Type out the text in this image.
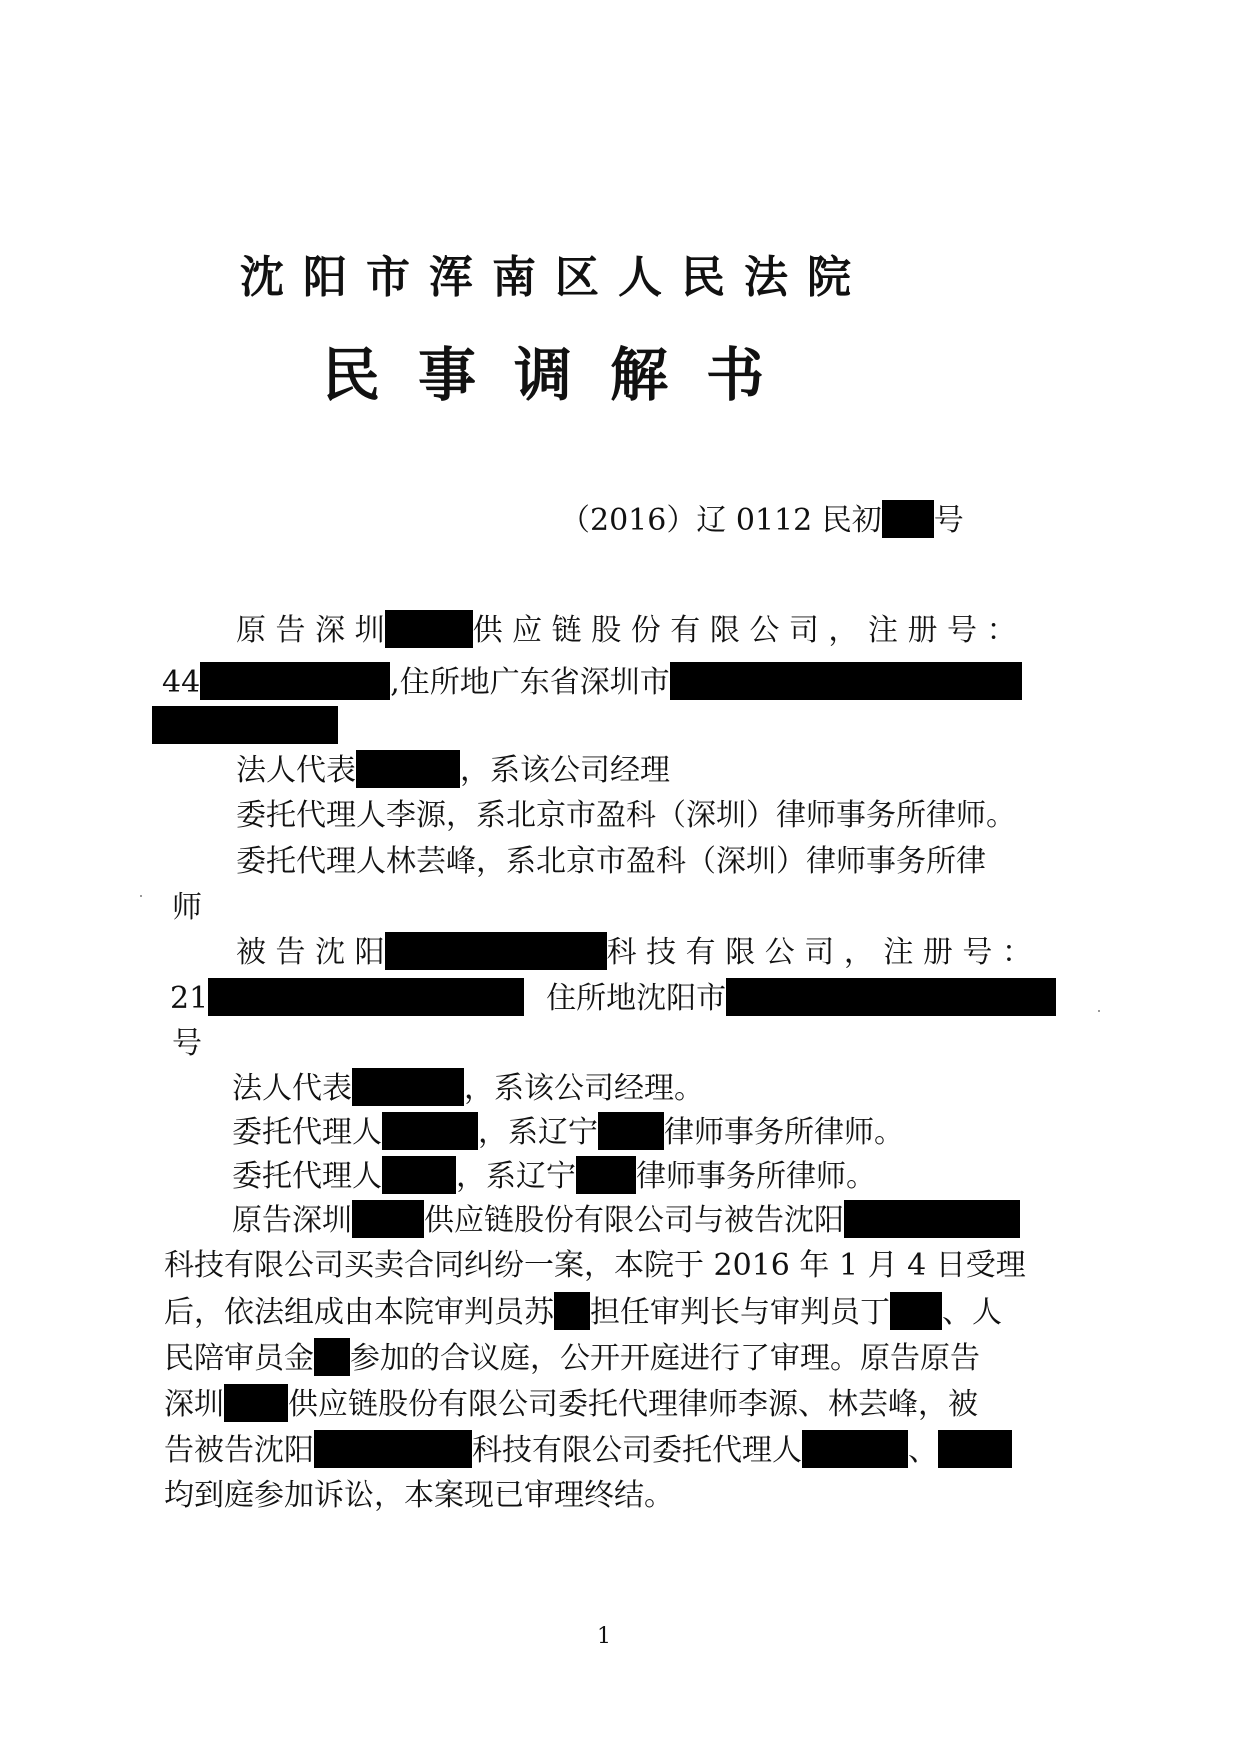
沈阳市浑南区人民法院
民事调解书
（2016）辽 0112 民初 号
原 告 深 圳	供 应 链 股 份 有 限 公 司 ， 注 册 号 ：
44	,住所地广东省深圳市
法人代表	，系该公司经理
委托代理人李源，系北京市盈科（深圳）律师事务所律师。
委托代理人林芸峰，系北京市盈科（深圳）律师事务所律
师
被 告 沈 阳	科 技 有 限 公 司 ， 注 册 号 ：
21	住所地沈阳市
号
法人代表	，系该公司经理。
委托代理人	，系辽宁 律师事务所律师。
委托代理人 ，系辽宁 律师事务所律师。
原告深圳 供应链股份有限公司与被告沈阳
科技有限公司买卖合同纠纷一案，本院于 2016 年 1 月 4 日受理
后，依法组成由本院审判员苏 担任审判长与审判员丁 、人
民陪审员金 参加的合议庭，公开开庭进行了审理。原告原告
深圳 供应链股份有限公司委托代理律师李源、林芸峰，被
告被告沈阳	科技有限公司委托代理人	、
均到庭参加诉讼，本案现已审理终结。
1
